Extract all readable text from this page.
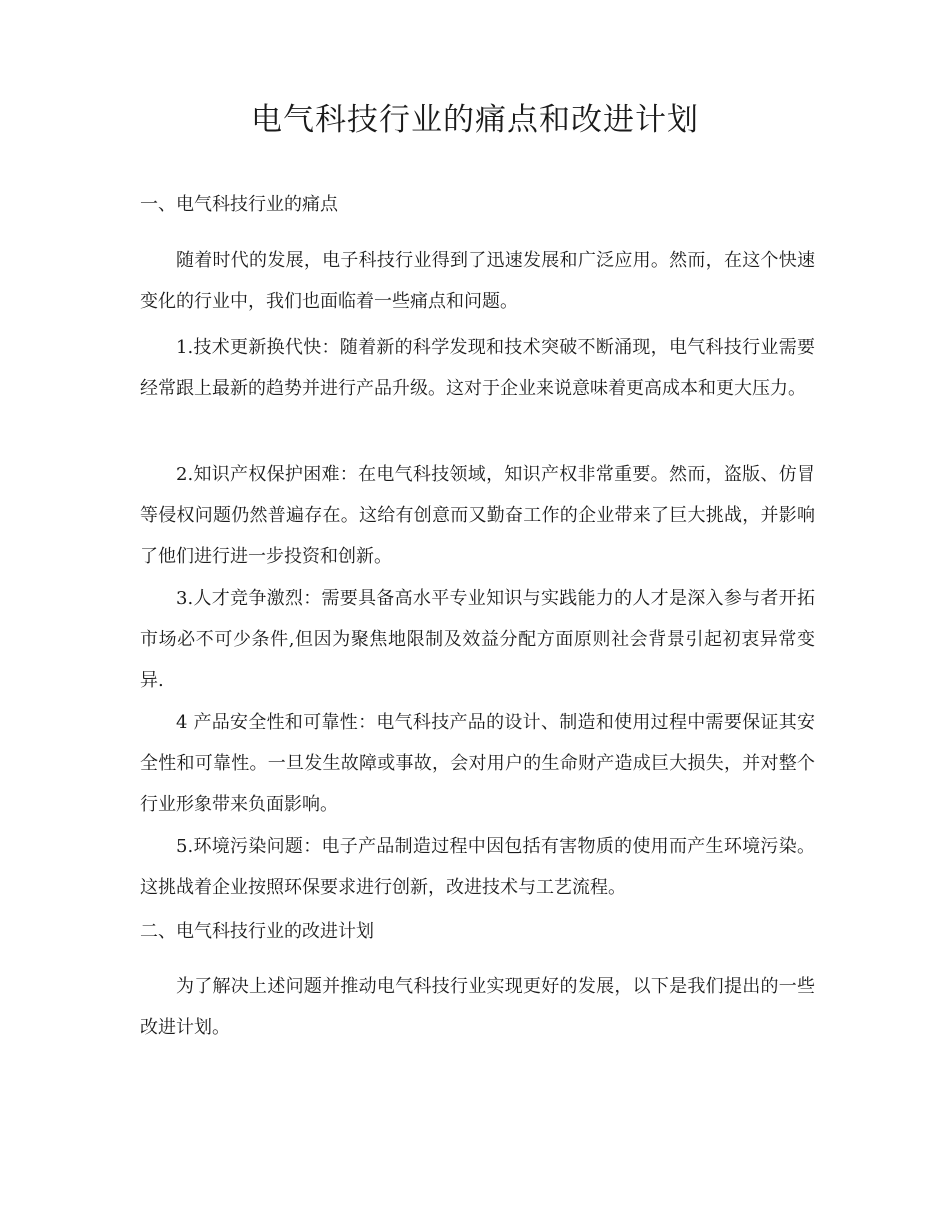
电气科技行业的痛点和改进计划
一、电气科技行业的痛点

随着时代的发展，电子科技行业得到了迅速发展和广泛应用。然而，在这个快速变化的行业中，我们也面临着一些痛点和问题。

1.技术更新换代快：随着新的科学发现和技术突破不断涌现，电气科技行业需要经常跟上最新的趋势并进行产品升级。这对于企业来说意味着更高成本和更大压力。

2.知识产权保护困难：在电气科技领域，知识产权非常重要。然而，盗版、仿冒等侵权问题仍然普遍存在。这给有创意而又勤奋工作的企业带来了巨大挑战，并影响了他们进行进一步投资和创新。

3.人才竞争激烈：需要具备高水平专业知识与实践能力的人才是深入参与者开拓市场必不可少条件,但因为聚焦地限制及效益分配方面原则社会背景引起初衷异常变异.

4 产品安全性和可靠性：电气科技产品的设计、制造和使用过程中需要保证其安全性和可靠性。一旦发生故障或事故，会对用户的生命财产造成巨大损失，并对整个行业形象带来负面影响。

5.环境污染问题：电子产品制造过程中因包括有害物质的使用而产生环境污染。这挑战着企业按照环保要求进行创新，改进技术与工艺流程。

二、电气科技行业的改进计划

为了解决上述问题并推动电气科技行业实现更好的发展，以下是我们提出的一些改进计划。
